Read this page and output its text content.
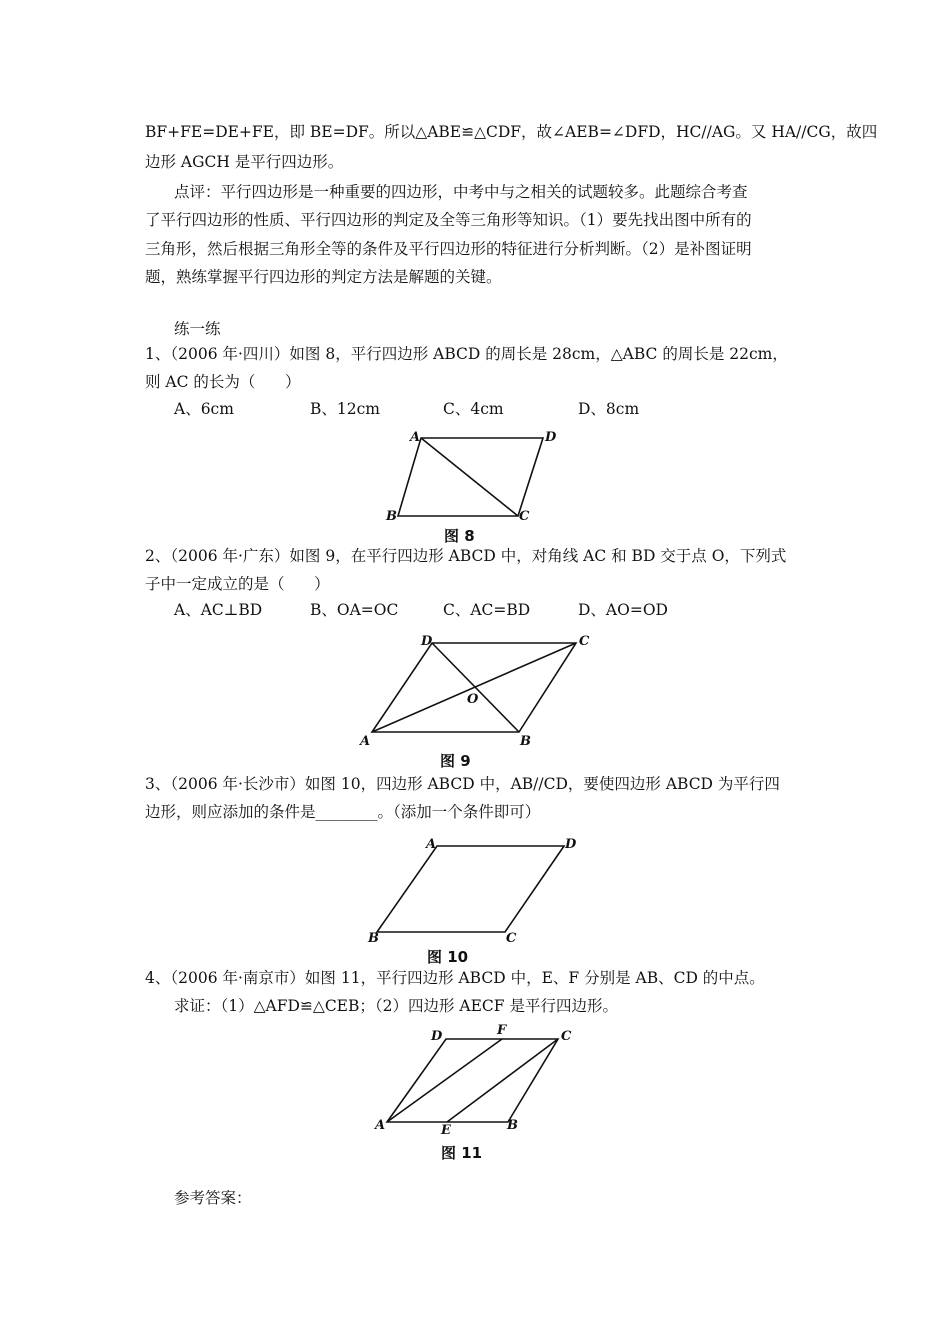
BF+FE=DE+FE，即 BE=DF。所以△ABE≌△CDF，故∠AEB=∠DFD，HC//AG。又 HA//CG，故四
边形 AGCH 是平行四边形。
点评：平行四边形是一种重要的四边形，中考中与之相关的试题较多。此题综合考查
了平行四边形的性质、平行四边形的判定及全等三角形等知识。（1）要先找出图中所有的
三角形，然后根据三角形全等的条件及平行四边形的特征进行分析判断。（2）是补图证明
题，熟练掌握平行四边形的判定方法是解题的关键。
练一练
1、（2006 年·四川）如图 8，平行四边形 ABCD 的周长是 28cm，△ABC 的周长是 22cm，
则 AC 的长为（      ）
A、6cm	B、12cm	C、4cm	D、8cm
A	D
B	C
图 8
2、（2006 年·广东）如图 9，在平行四边形 ABCD 中，对角线 AC 和 BD 交于点 O，下列式
子中一定成立的是（      ）
A、AC⊥BD	B、OA=OC	C、AC=BD	D、AO=OD
D	C
O
A	B
图 9
3、（2006 年·长沙市）如图 10，四边形 ABCD 中，AB//CD，要使四边形 ABCD 为平行四
边形，则应添加的条件是________。（添加一个条件即可）
A	D
B	C
图 10
4、（2006 年·南京市）如图 11，平行四边形 ABCD 中，E、F 分别是 AB、CD 的中点。
求证：（1）△AFD≌△CEB；（2）四边形 AECF 是平行四边形。
D	F	C
A	E	B
图 11
参考答案：
